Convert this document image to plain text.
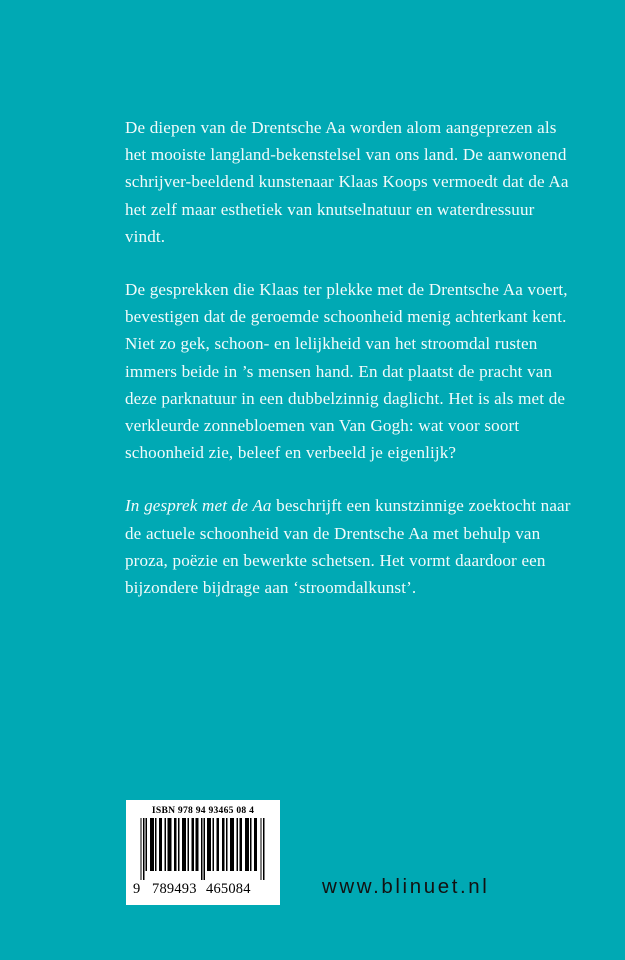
De diepen van de Drentsche Aa worden alom aangeprezen als het mooiste langland-bekenstelsel van ons land. De aanwonend schrijver-beeldend kunstenaar Klaas Koops vermoedt dat de Aa het zelf maar esthetiek van knutselnatuur en waterdressuur vindt.

De gesprekken die Klaas ter plekke met de Drentsche Aa voert, bevestigen dat de geroemde schoonheid menig achterkant kent. Niet zo gek, schoon- en lelijkheid van het stroomdal rusten immers beide in ’s mensen hand. En dat plaatst de pracht van deze parknatuur in een dubbelzinnig daglicht. Het is als met de verkleurde zonnebloemen van Van Gogh: wat voor soort schoonheid zie, beleef en verbeeld je eigenlijk?

In gesprek met de Aa beschrijft een kunstzinnige zoektocht naar de actuele schoonheid van de Drentsche Aa met behulp van proza, poëzie en bewerkte schetsen. Het vormt daardoor een bijzondere bijdrage aan ‘stroomdalkunst’.

ISBN 978 94 93465 08 4
9 789493 465084	www.blinuet.nl
